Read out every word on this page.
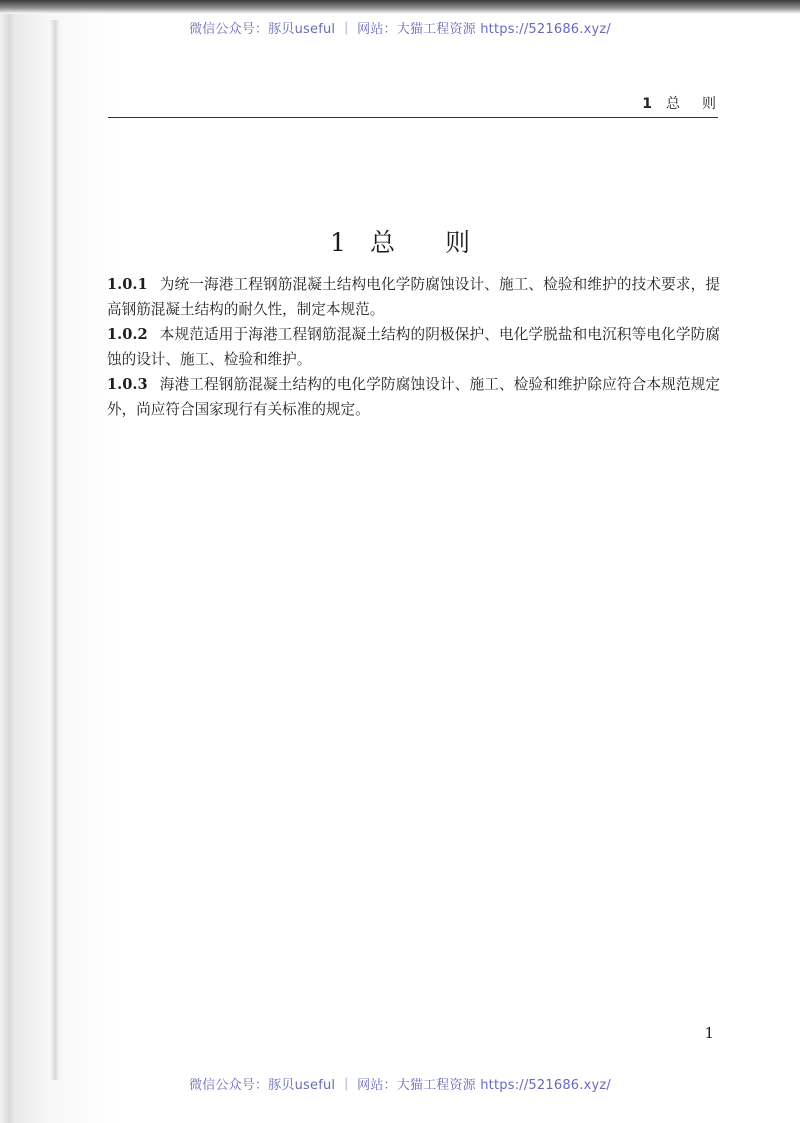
微信公众号：豚贝useful ｜ 网站：大猫工程资源 https://521686.xyz/
1 总 则
1 总 则

1.0.1 为统一海港工程钢筋混凝土结构电化学防腐蚀设计、施工、检验和维护的技术要求，提高钢筋混凝土结构的耐久性，制定本规范。

1.0.2 本规范适用于海港工程钢筋混凝土结构的阴极保护、电化学脱盐和电沉积等电化学防腐蚀的设计、施工、检验和维护。

1.0.3 海港工程钢筋混凝土结构的电化学防腐蚀设计、施工、检验和维护除应符合本规范规定外，尚应符合国家现行有关标准的规定。

1
微信公众号：豚贝useful ｜ 网站：大猫工程资源 https://521686.xyz/
